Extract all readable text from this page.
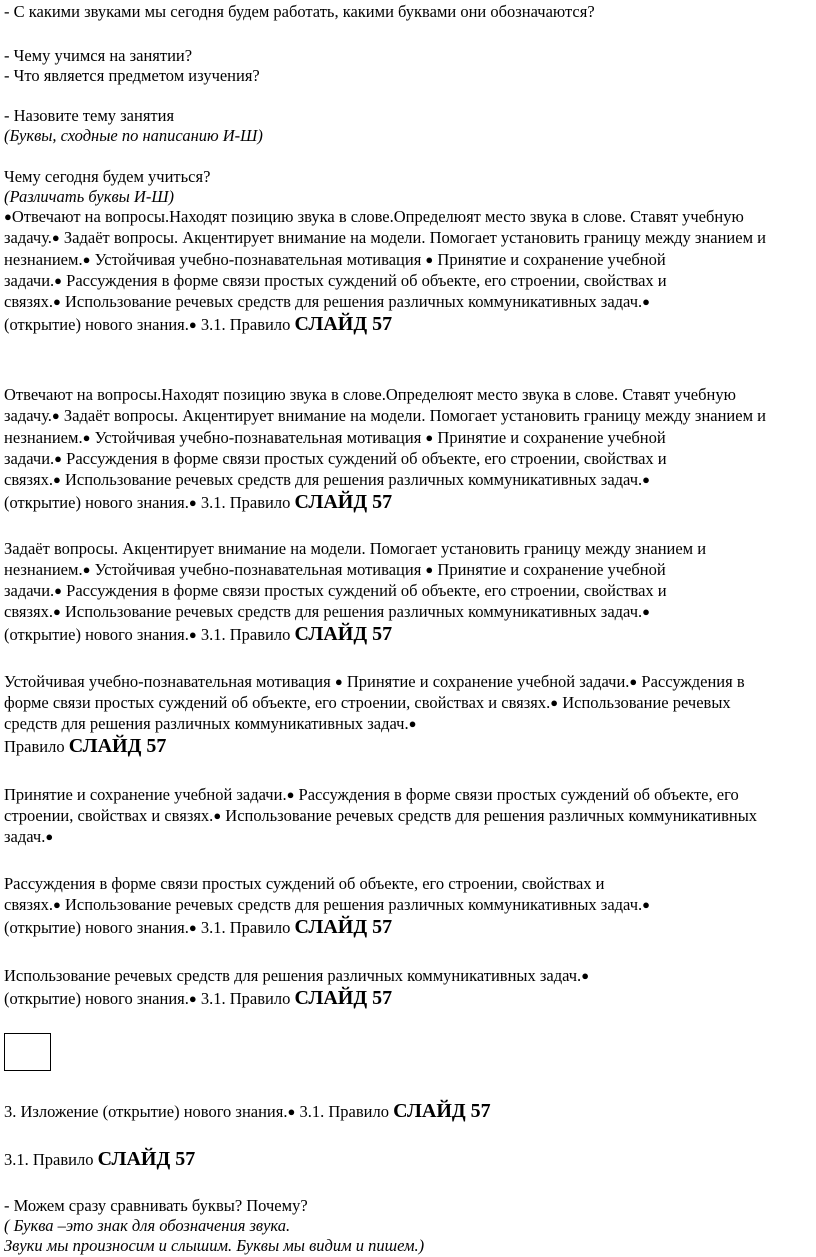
- С какими звуками мы сегодня будем работать, какими буквами они обозначаются?
- Чему учимся на занятии?
- Что является предметом изучения?
- Назовите тему занятия
(Буквы, сходные по написанию И-Ш)
Чему сегодня будем учиться?
(Различать буквы И-Ш)
●Отвечают на вопросы.Находят позицию звука в слове.Определюят место звука в слове. Ставят учебную
задачу.● Задаёт вопросы. Акцентирует внимание на модели. Помогает установить границу между знанием и
незнанием.● Устойчивая учебно-познавательная мотивация ● Принятие и сохранение учебной
задачи.● Рассуждения в форме связи простых суждений об объекте, его строении, свойствах и
связях.● Использование речевых средств для решения различных коммуникативных задач.●
(открытие) нового знания.● 3.1. Правило СЛАЙД 57
Отвечают на вопросы.Находят позицию звука в слове.Определюят место звука в слове. Ставят учебную
задачу.● Задаёт вопросы. Акцентирует внимание на модели. Помогает установить границу между знанием и
незнанием.● Устойчивая учебно-познавательная мотивация ● Принятие и сохранение учебной
задачи.● Рассуждения в форме связи простых суждений об объекте, его строении, свойствах и
связях.● Использование речевых средств для решения различных коммуникативных задач.●
(открытие) нового знания.● 3.1. Правило СЛАЙД 57
Задаёт вопросы. Акцентирует внимание на модели. Помогает установить границу между знанием и
незнанием.● Устойчивая учебно-познавательная мотивация ● Принятие и сохранение учебной
задачи.● Рассуждения в форме связи простых суждений об объекте, его строении, свойствах и
связях.● Использование речевых средств для решения различных коммуникативных задач.●
(открытие) нового знания.● 3.1. Правило СЛАЙД 57
Устойчивая учебно-познавательная мотивация ● Принятие и сохранение учебной задачи.● Рассуждения в
форме связи простых суждений об объекте, его строении, свойствах и связях.● Использование речевых
средств для решения различных коммуникативных задач.●
Правило СЛАЙД 57
Принятие и сохранение учебной задачи.● Рассуждения в форме связи простых суждений об объекте, его
строении, свойствах и связях.● Использование речевых средств для решения различных коммуникативных
задач.●
Рассуждения в форме связи простых суждений об объекте, его строении, свойствах и
связях.● Использование речевых средств для решения различных коммуникативных задач.●
(открытие) нового знания.● 3.1. Правило СЛАЙД 57
Использование речевых средств для решения различных коммуникативных задач.●
(открытие) нового знания.● 3.1. Правило СЛАЙД 57
3. Изложение (открытие) нового знания.● 3.1. Правило СЛАЙД 57
3.1. Правило СЛАЙД 57
- Можем сразу сравнивать буквы? Почему?
( Буква –это знак для обозначения звука.
Звуки мы произносим и слышим. Буквы мы видим и пишем.)
